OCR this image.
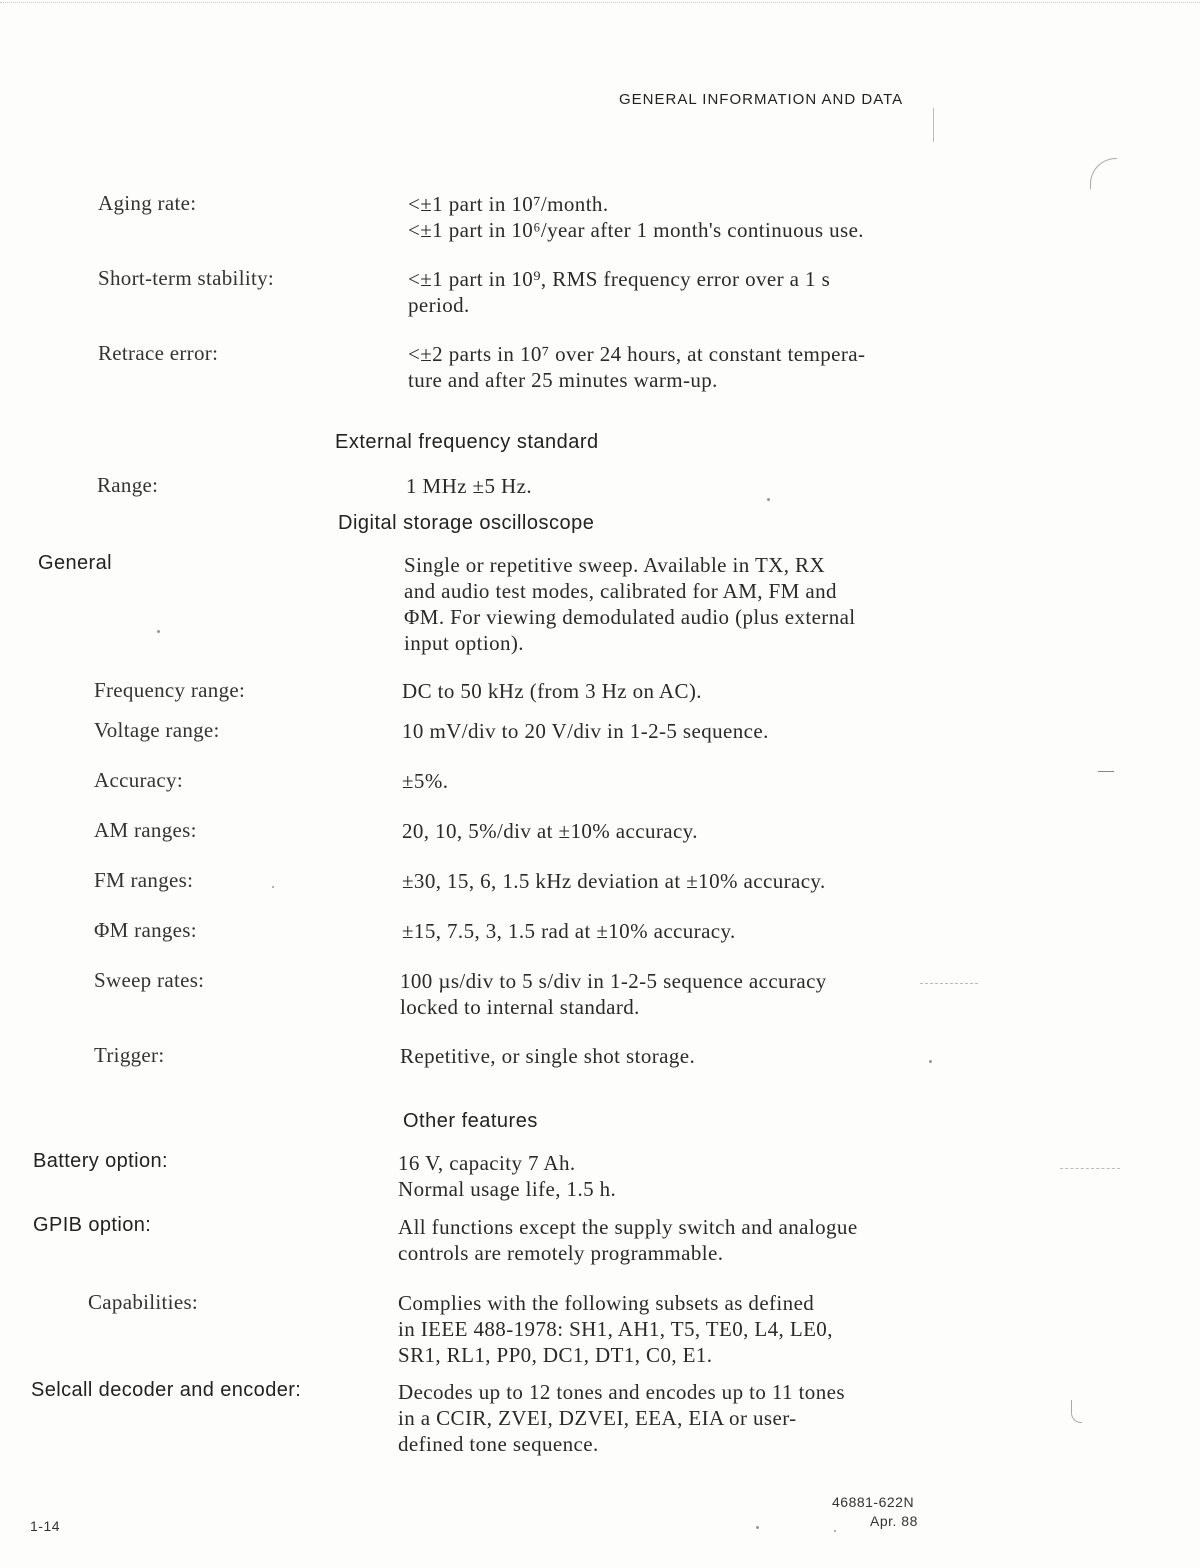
GENERAL INFORMATION AND DATA
Aging rate:	<±1 part in 10⁷/month.
<±1 part in 10⁶/year after 1 month's continuous use.
Short-term stability:	<±1 part in 10⁹, RMS frequency error over a 1 s
period.
Retrace error:	<±2 parts in 10⁷ over 24 hours, at constant tempera-
ture and after 25 minutes warm-up.
External frequency standard
Range:	1 MHz ±5 Hz.
Digital storage oscilloscope
General	Single or repetitive sweep. Available in TX, RX
and audio test modes, calibrated for AM, FM and
ΦM. For viewing demodulated audio (plus external
input option).
Frequency range:	DC to 50 kHz (from 3 Hz on AC).
Voltage range:	10 mV/div to 20 V/div in 1-2-5 sequence.
Accuracy:	±5%.
AM ranges:	20, 10, 5%/div at ±10% accuracy.
FM ranges:	±30, 15, 6, 1.5 kHz deviation at ±10% accuracy.
ΦM ranges:	±15, 7.5, 3, 1.5 rad at ±10% accuracy.
Sweep rates:	100 µs/div to 5 s/div in 1-2-5 sequence accuracy
locked to internal standard.
Trigger:	Repetitive, or single shot storage.
Other features
Battery option:	16 V, capacity 7 Ah.
Normal usage life, 1.5 h.
GPIB option:	All functions except the supply switch and analogue
controls are remotely programmable.
Capabilities:	Complies with the following subsets as defined
in IEEE 488-1978: SH1, AH1, T5, TE0, L4, LE0,
SR1, RL1, PP0, DC1, DT1, C0, E1.
Selcall decoder and encoder:	Decodes up to 12 tones and encodes up to 11 tones
in a CCIR, ZVEI, DZVEI, EEA, EIA or user-
defined tone sequence.
1-14
46881-622N
Apr. 88
